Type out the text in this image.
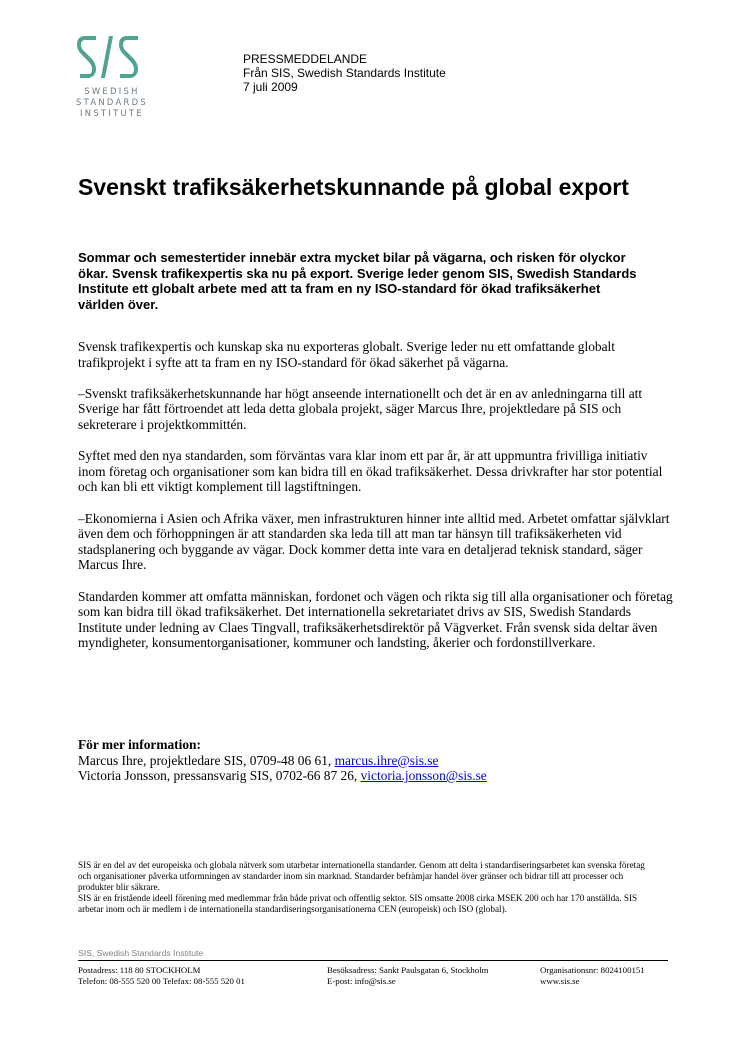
SWEDISH
STANDARDS
INSTITUTE
PRESSMEDDELANDE
Från SIS, Swedish Standards Institute
7 juli 2009
Svenskt trafiksäkerhetskunnande på global export

Sommar och semestertider innebär extra mycket bilar på vägarna, och risken för olyckor ökar. Svensk trafikexpertis ska nu på export. Sverige leder genom SIS, Swedish Standards Institute ett globalt arbete med att ta fram en ny ISO-standard för ökad trafiksäkerhet världen över.

Svensk trafikexpertis och kunskap ska nu exporteras globalt. Sverige leder nu ett omfattande globalt trafikprojekt i syfte att ta fram en ny ISO-standard för ökad säkerhet på vägarna.

–Svenskt trafiksäkerhetskunnande har högt anseende internationellt och det är en av anledningarna till att Sverige har fått förtroendet att leda detta globala projekt, säger Marcus Ihre, projektledare på SIS och sekreterare i projektkommittén.

Syftet med den nya standarden, som förväntas vara klar inom ett par år, är att uppmuntra frivilliga initiativ inom företag och organisationer som kan bidra till en ökad trafiksäkerhet. Dessa drivkrafter har stor potential och kan bli ett viktigt komplement till lagstiftningen.

–Ekonomierna i Asien och Afrika växer, men infrastrukturen hinner inte alltid med. Arbetet omfattar självklart även dem och förhoppningen är att standarden ska leda till att man tar hänsyn till trafiksäkerheten vid stadsplanering och byggande av vägar. Dock kommer detta inte vara en detaljerad teknisk standard, säger Marcus Ihre.

Standarden kommer att omfatta människan, fordonet och vägen och rikta sig till alla organisationer och företag som kan bidra till ökad trafiksäkerhet. Det internationella sekretariatet drivs av SIS, Swedish Standards Institute under ledning av Claes Tingvall, trafiksäkerhetsdirektör på Vägverket. Från svensk sida deltar även myndigheter, konsumentorganisationer, kommuner och landsting, åkerier och fordonstillverkare.

För mer information:
Marcus Ihre, projektledare SIS, 0709-48 06 61, marcus.ihre@sis.se
Victoria Jonsson, pressansvarig SIS, 0702-66 87 26, victoria.jonsson@sis.se
SIS är en del av det europeiska och globala nätverk som utarbetar internationella standarder. Genom att delta i standardiseringsarbetet kan svenska företag och organisationer påverka utformningen av standarder inom sin marknad. Standarder befrämjar handel över gränser och bidrar till att processer och produkter blir säkrare.
SIS är en fristående ideell förening med medlemmar från både privat och offentlig sektor. SIS omsatte 2008 cirka MSEK 200 och har 170 anställda. SIS arbetar inom och är medlem i de internationella standardiseringsorganisationerna CEN (europeisk) och ISO (global).
SIS, Swedish Standards Institute
Postadress: 118 80 STOCKHOLM
Telefon: 08-555 520 00 Telefax: 08-555 520 01
Besöksadress: Sankt Paulsgatan 6, Stockholm
E-post: info@sis.se
Organisationsnr: 8024100151
www.sis.se
